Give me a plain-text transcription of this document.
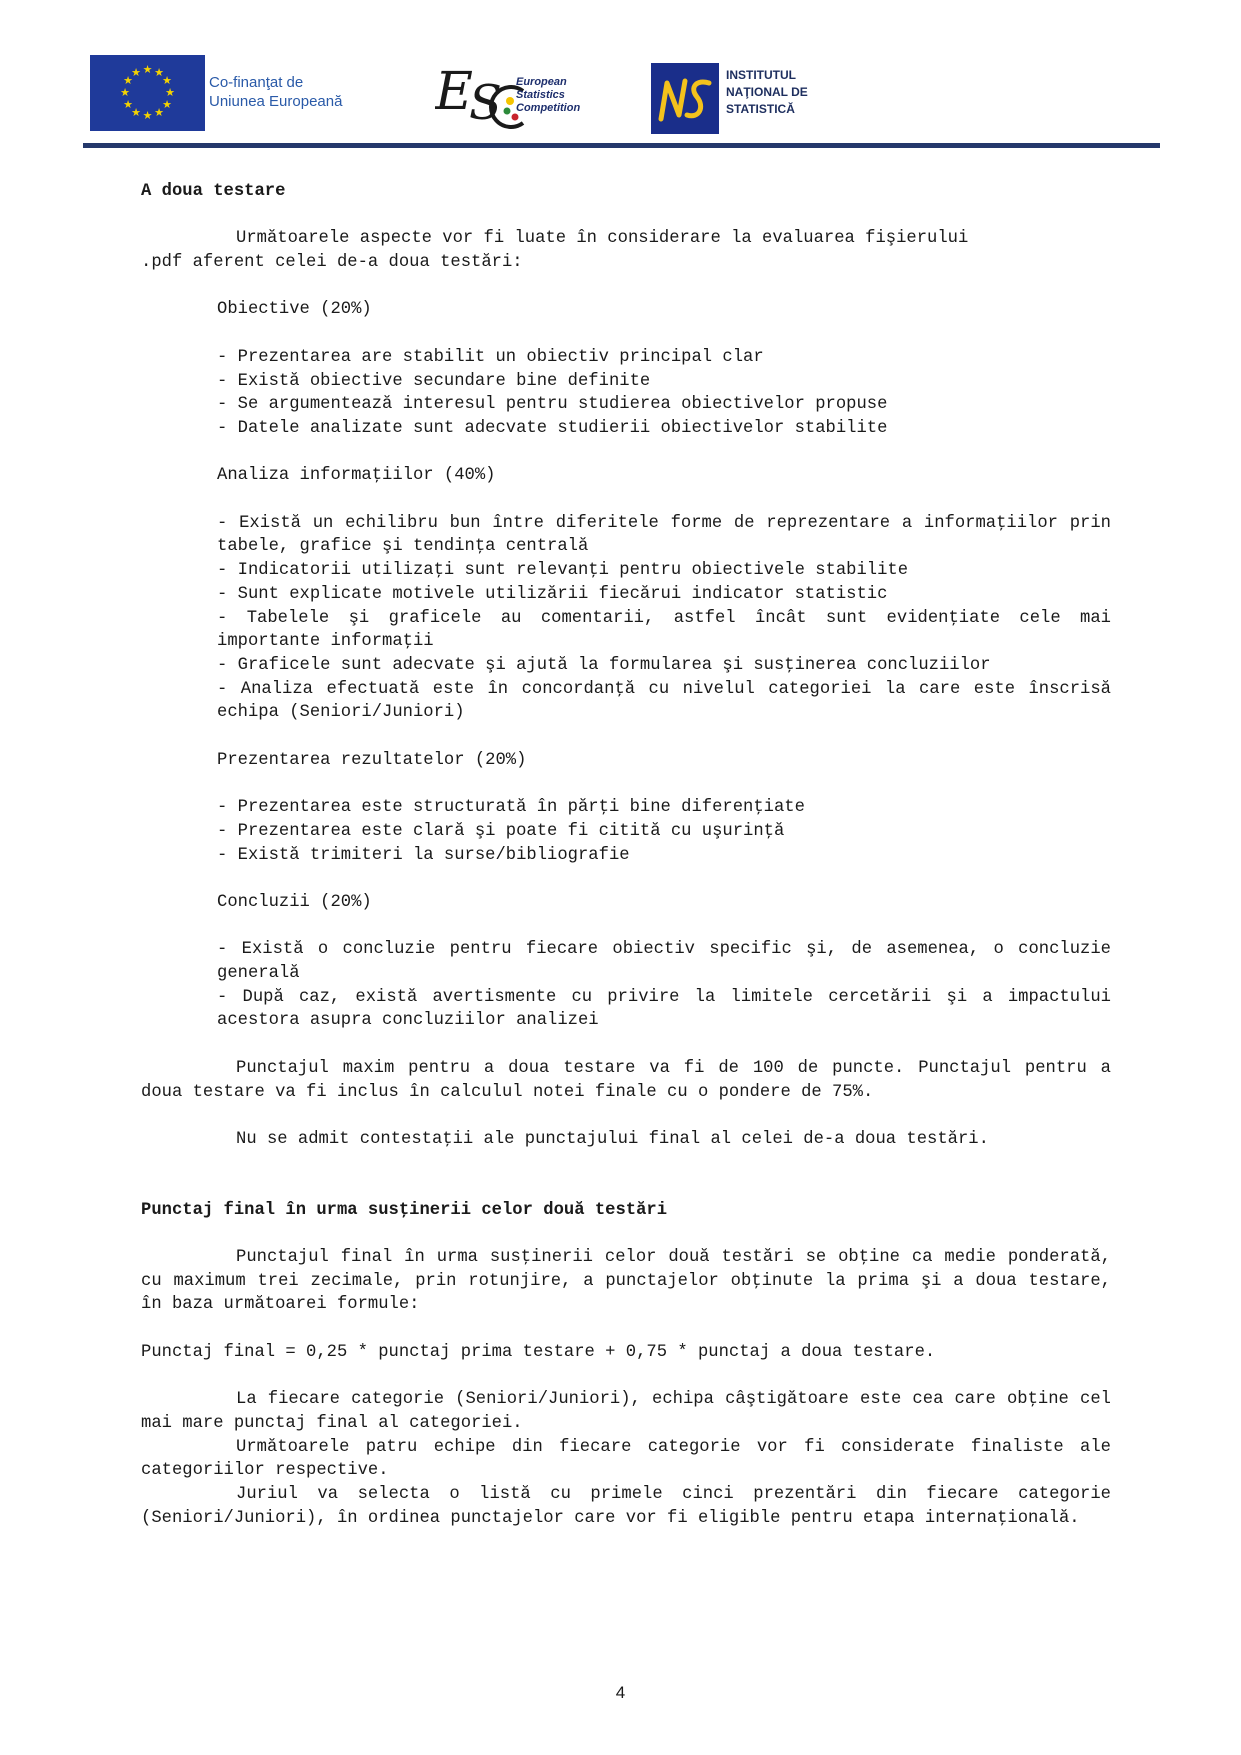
★ ★
★
★
★
★
★
★
★
★
★
★
Co-finanţat de
Uniunea Europeană E
S European
Statistics
Competition
INSTITUTUL
NAŢIONAL DE
STATISTICĂ

A doua testare

Următoarele aspecte vor fi luate în considerare la evaluarea fişierului

.pdf aferent celei de-a doua testări:

Obiective (20%)

- Prezentarea are stabilit un obiectiv principal clar

- Există obiective secundare bine definite

- Se argumentează interesul pentru studierea obiectivelor propuse

- Datele analizate sunt adecvate studierii obiectivelor stabilite

Analiza informaţiilor (40%)

- Există un echilibru bun între diferitele forme de reprezentare a informaţiilor prin tabele, grafice şi tendinţa centrală

- Indicatorii utilizaţi sunt relevanţi pentru obiectivele stabilite

- Sunt explicate motivele utilizării fiecărui indicator statistic

- Tabelele şi graficele au comentarii, astfel încât sunt evidenţiate cele mai importante informaţii

- Graficele sunt adecvate şi ajută la formularea şi susţinerea concluziilor

- Analiza efectuată este în concordanţă cu nivelul categoriei la care este înscrisă echipa (Seniori/Juniori)

Prezentarea rezultatelor (20%)

- Prezentarea este structurată în părţi bine diferenţiate

- Prezentarea este clară şi poate fi citită cu uşurinţă

- Există trimiteri la surse/bibliografie

Concluzii (20%)

- Există o concluzie pentru fiecare obiectiv specific şi, de asemenea, o concluzie generală

- După caz, există avertismente cu privire la limitele cercetării şi a impactului acestora asupra concluziilor analizei

Punctajul maxim pentru a doua testare va fi de 100 de puncte. Punctajul pentru a doua testare va fi inclus în calculul notei finale cu o pondere de 75%.

Nu se admit contestaţii ale punctajului final al celei de-a doua testări.

Punctaj final în urma susţinerii celor două testări

Punctajul final în urma susţinerii celor două testări se obţine ca medie ponderată, cu maximum trei zecimale, prin rotunjire, a punctajelor obţinute la prima şi a doua testare, în baza următoarei formule:

Punctaj final = 0,25 * punctaj prima testare + 0,75 * punctaj a doua testare.

La fiecare categorie (Seniori/Juniori), echipa câştigătoare este cea care obţine cel mai mare punctaj final al categoriei.

Următoarele patru echipe din fiecare categorie vor fi considerate finaliste ale categoriilor respective.

Juriul va selecta o listă cu primele cinci prezentări din fiecare categorie (Seniori/Juniori), în ordinea punctajelor care vor fi eligible pentru etapa internaţională.

4
